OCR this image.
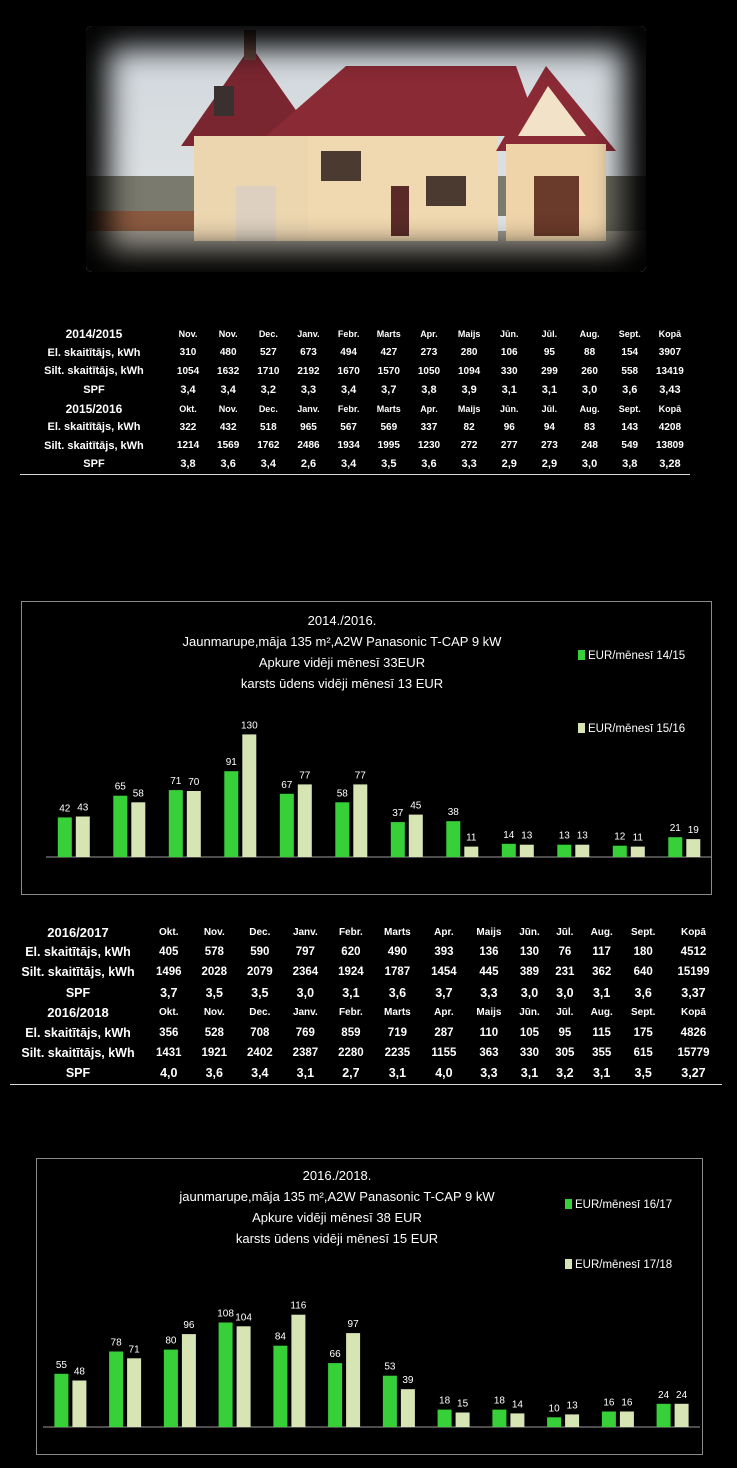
2014/2015	Nov.	Nov.	Dec.	Janv.	Febr.	Marts	Apr.	Maijs	Jūn.	Jūl.	Aug.	Sept.	Kopā
El. skaitītājs, kWh	310	480	527	673	494	427	273	280	106	95	88	154	3907
Silt. skaitītājs, kWh	1054	1632	1710	2192	1670	1570	1050	1094	330	299	260	558	13419
SPF	3,4	3,4	3,2	3,3	3,4	3,7	3,8	3,9	3,1	3,1	3,0	3,6	3,43
2015/2016	Okt.	Nov.	Dec.	Janv.	Febr.	Marts	Apr.	Maijs	Jūn.	Jūl.	Aug.	Sept.	Kopā
El. skaitītājs, kWh	322	432	518	965	567	569	337	82	96	94	83	143	4208
Silt. skaitītājs, kWh	1214	1569	1762	2486	1934	1995	1230	272	277	273	248	549	13809
SPF	3,8	3,6	3,4	2,6	3,4	3,5	3,6	3,3	2,9	2,9	3,0	3,8	3,28
2016/2017	Okt.	Nov.	Dec.	Janv.	Febr.	Marts	Apr.	Maijs	Jūn.	Jūl.	Aug.	Sept.	Kopā
El. skaitītājs, kWh	405	578	590	797	620	490	393	136	130	76	117	180	4512
Silt. skaitītājs, kWh	1496	2028	2079	2364	1924	1787	1454	445	389	231	362	640	15199
SPF	3,7	3,5	3,5	3,0	3,1	3,6	3,7	3,3	3,0	3,0	3,1	3,6	3,37
2016/2018	Okt.	Nov.	Dec.	Janv.	Febr.	Marts	Apr.	Maijs	Jūn.	Jūl.	Aug.	Sept.	Kopā
El. skaitītājs, kWh	356	528	708	769	859	719	287	110	105	95	115	175	4826
Silt. skaitītājs, kWh	1431	1921	2402	2387	2280	2235	1155	363	330	305	355	615	15779
SPF	4,0	3,6	3,4	3,1	2,7	3,1	4,0	3,3	3,1	3,2	3,1	3,5	3,27
2014./2016.
Jaunmarupe,māja 135 m²,A2W Panasonic T-CAP 9 kW
Apkure vidēji mēnesī 33EUR
karsts ūdens vidēji mēnesī 13 EUR
EUR/mēnesī 14/15
EUR/mēnesī 15/16
42 43
65
58
71 70
91
130
67
77
58
77
37
45
38
11	14 13	13 13	12 11
21 19
2016./2018.
jaunmarupe,māja 135 m²,A2W Panasonic T-CAP 9 kW
Apkure vidēji mēnesī 38 EUR
karsts ūdens vidēji mēnesī 15 EUR
EUR/mēnesī 16/17
EUR/mēnesī 17/18
55
48
78
71
80
96
108 104
84
116
66
97
53
39
18 15	18 14	10 13	16 16
24 24
